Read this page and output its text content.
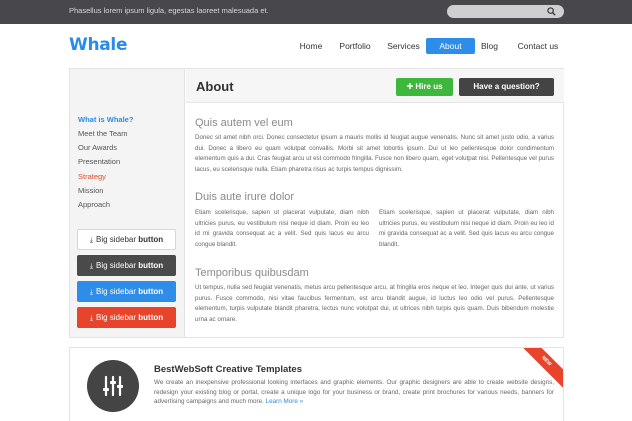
Phasellus lorem ipsum ligula, egestas laoreet malesuada et.
Whale	Home Portfolio Services	About	Blog Contact us
What is Whale?
Meet the Team
Our Awards
Presentation
Strategy
Mission
Approach
⤓ Big sidebar button
⤓ Big sidebar button
⤓ Big sidebar button
⤓ Big sidebar button
About	✚ Hire us	Have a question?
Quis autem vel eum
Donec sit amet nibh orci. Donec consectetur ipsum a mauris mollis id feugiat augue venenatis. Nunc sit amet justo odio, a varius dui. Donec a libero eu quam volutpat convallis. Morbi sit amet lobortis ipsum. Dui ut leo pellentesque dolor condimentum elementum quis a dui. Cras feugiat arcu ut est commodo fringilla. Fusce non libero quam, eget volutpat nisi. Pellentesque vel purus lacus, eu scelerisque nulla. Etiam pharetra risus ac turpis tempus dignissim.
Duis aute irure dolor
Etiam scelerisque, sapien ut placerat vulputate, diam nibh ultricies purus, eu vestibulum nisi neque id diam. Proin eu leo id mi gravida consequat ac a velit. Sed quis lacus eu arcu congue blandit.
Etiam scelerisque, sapien ut placerat vulputate, diam nibh ultricies purus, eu vestibulum nisi neque id diam. Proin eu leo id mi gravida consequat ac a velit. Sed quis lacus eu arcu congue blandit.
Temporibus quibusdam
Ut tempus, nulla sed feugiat venenatis, metus arcu pellentesque arcu, at fringilla eros neque et leo. Integer quis dui ante, ut varius purus. Fusce commodo, nisi vitae faucibus fermentum, est arcu blandit augue, id luctus leo odio vel purus. Pellentesque elementum, turpis vulputate blandit pharetra, lectus nunc volutpat dui, ut ultrices nibh turpis quis quam. Duis bibendum molestie urna ac ornare.
BestWebSoft Creative Templates
We create an inexpensive professional looking interfaces and graphic elements. Our graphic designers are able to create website designs, redesign your existing blog or portal, create a unique logo for your business or brand, create print brochures for various needs, banners for advertising campaigns and much more. Learn More »
NEW
